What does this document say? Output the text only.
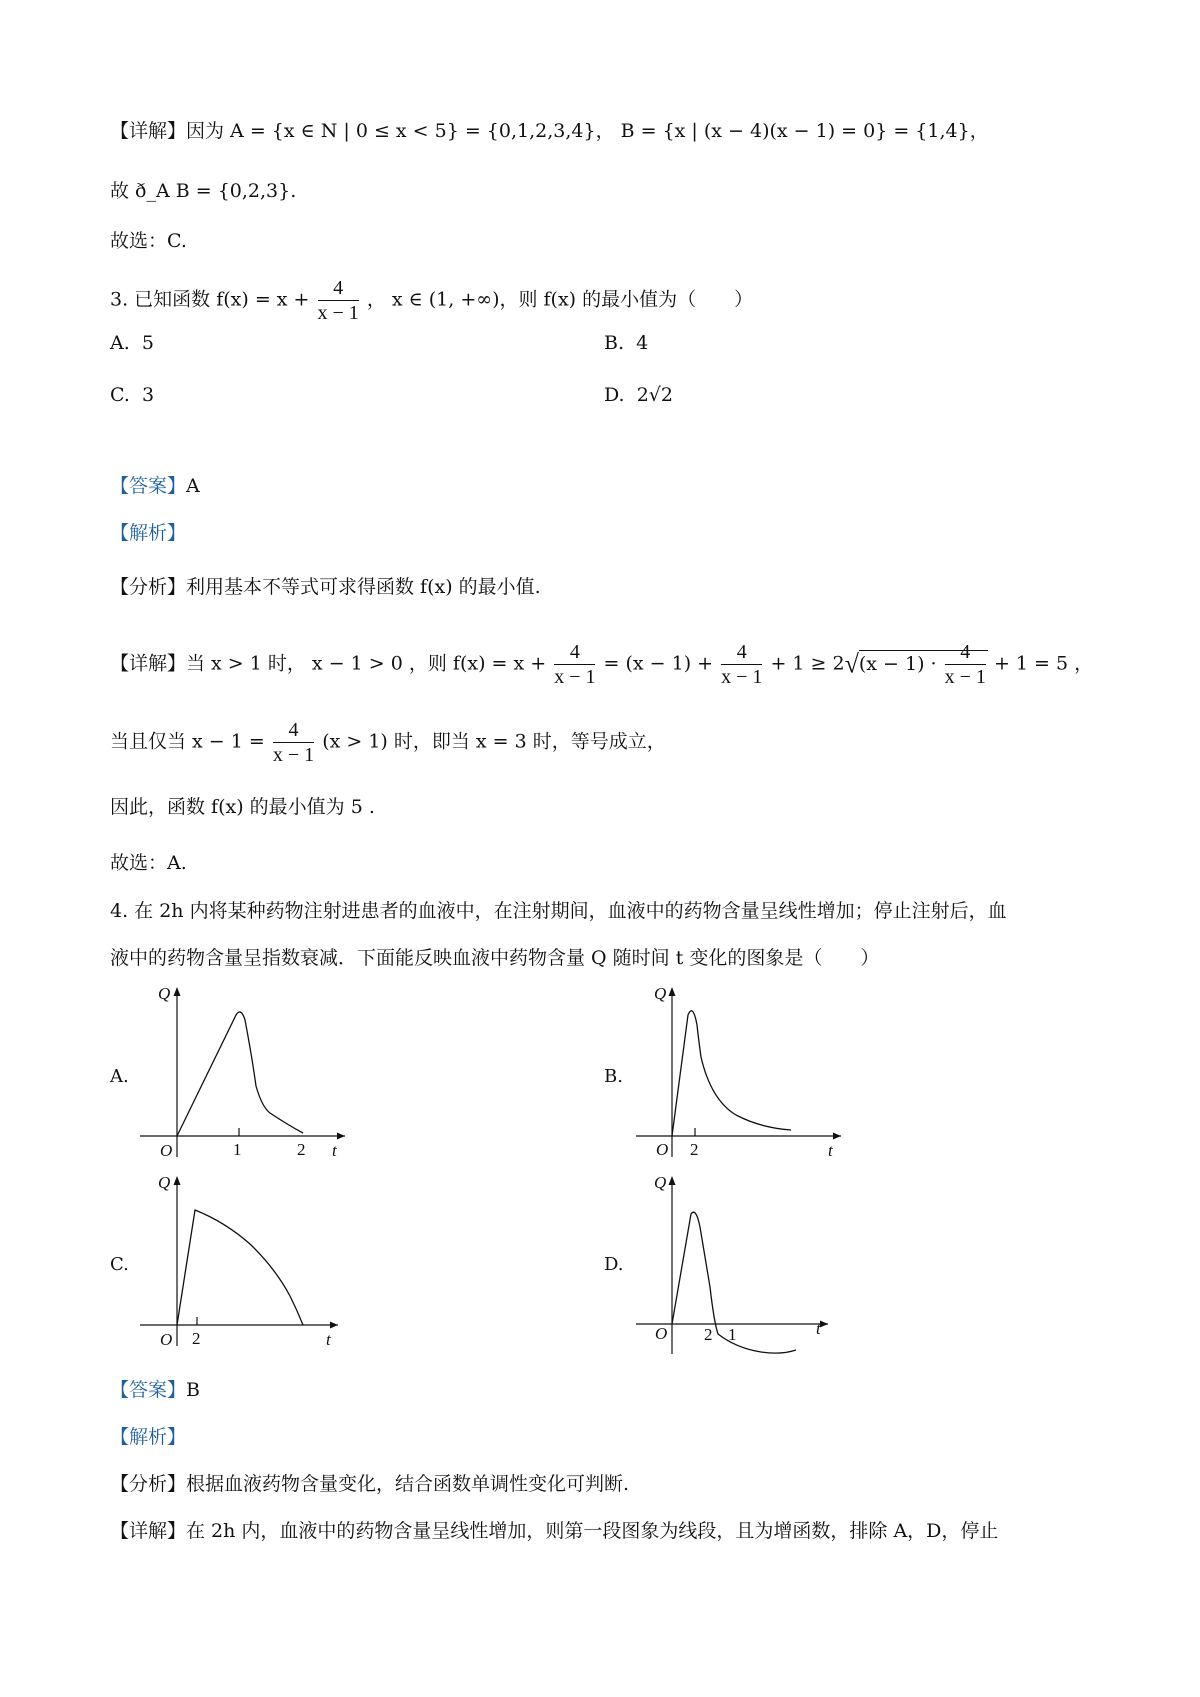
【详解】因为 A = {x ∈ N | 0 ≤ x < 5} = {0,1,2,3,4}， B = {x | (x − 4)(x − 1) = 0} = {1,4}，
故 ð_A B = {0,2,3}.
故选：C.
3. 已知函数 $f(x) = x + \frac{4}{x - 1}$ ， x ∈ (1, +∞)，则 f(x) 的最小值为（　　）
A. 5	B. 4
C. 3	D. 2√2
【答案】A
【解析】
【分析】利用基本不等式可求得函数 f(x) 的最小值.
【详解】当 x > 1 时， x − 1 > 0 ，则 $f(x) = x + \frac{4}{x - 1} = (x - 1) + \frac{4}{x - 1} + 1 \ge 2√(x - 1) \cdot \frac{4}{x - 1} + 1 = 5$ ，
当且仅当 $x - 1 = \frac{4}{x - 1} (x > 1)$ 时，即当 x = 3 时，等号成立，
因此，函数 f(x) 的最小值为 5 .
故选：A.
4. 在 2h 内将某种药物注射进患者的血液中，在注射期间，血液中的药物含量呈线性增加；停止注射后，血
液中的药物含量呈指数衰减．下面能反映血液中药物含量 Q 随时间 t 变化的图象是（　　）
A.
Q
t
O	1	2
B.
Q
t
O 2
C.
Q
t
O 2
D.
Q
t
O 2 1
【答案】B
【解析】
【分析】根据血液药物含量变化，结合函数单调性变化可判断.
【详解】在 2h 内，血液中的药物含量呈线性增加，则第一段图象为线段，且为增函数，排除 A，D，停止
